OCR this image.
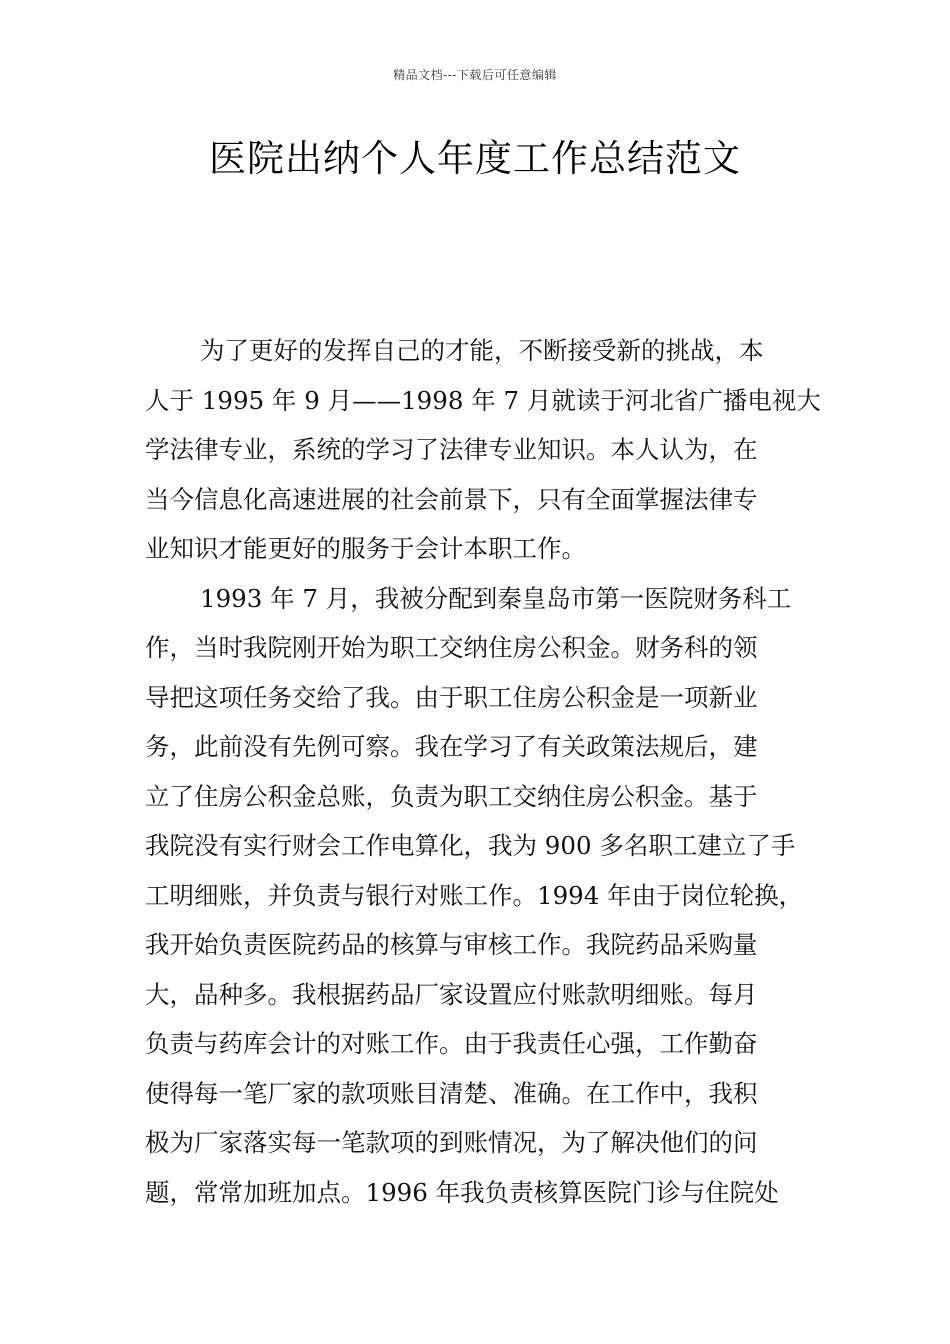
精品文档---下载后可任意编辑
医院出纳个人年度工作总结范文
为了更好的发挥自己的才能，不断接受新的挑战，本
人于 1995 年 9 月——1998 年 7 月就读于河北省广播电视大
学法律专业，系统的学习了法律专业知识。本人认为，在
当今信息化高速进展的社会前景下，只有全面掌握法律专
业知识才能更好的服务于会计本职工作。
1993 年 7 月，我被分配到秦皇岛市第一医院财务科工
作，当时我院刚开始为职工交纳住房公积金。财务科的领
导把这项任务交给了我。由于职工住房公积金是一项新业
务，此前没有先例可察。我在学习了有关政策法规后，建
立了住房公积金总账，负责为职工交纳住房公积金。基于
我院没有实行财会工作电算化，我为 900 多名职工建立了手
工明细账，并负责与银行对账工作。1994 年由于岗位轮换，
我开始负责医院药品的核算与审核工作。我院药品采购量
大，品种多。我根据药品厂家设置应付账款明细账。每月
负责与药库会计的对账工作。由于我责任心强，工作勤奋
使得每一笔厂家的款项账目清楚、准确。在工作中，我积
极为厂家落实每一笔款项的到账情况，为了解决他们的问
题，常常加班加点。1996 年我负责核算医院门诊与住院处
